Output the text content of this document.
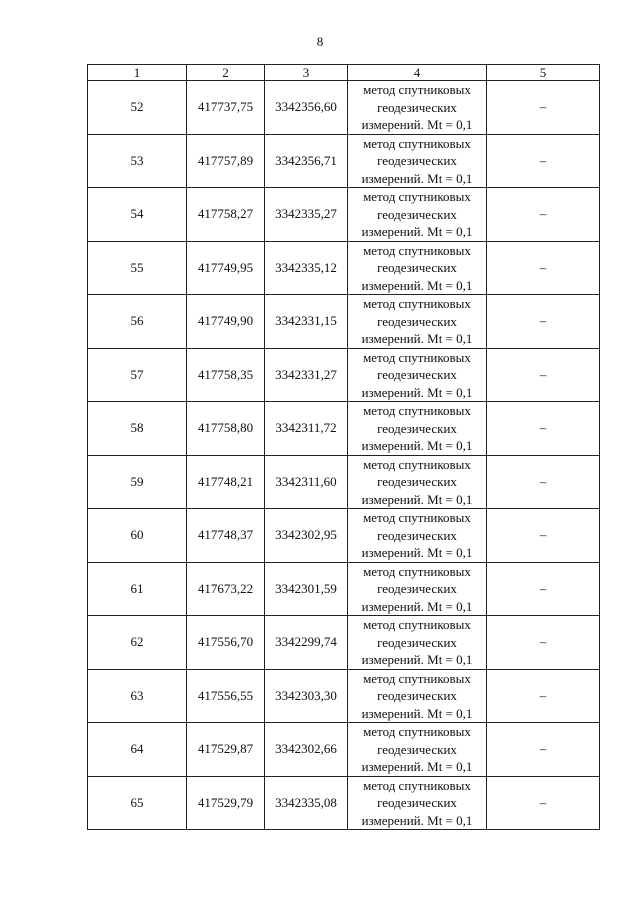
8
1	2	3	4	5
52	417737,75	3342356,60	метод спутниковых
геодезических
измерений. Mt = 0,1	–
53	417757,89	3342356,71	метод спутниковых
геодезических
измерений. Mt = 0,1	–
54	417758,27	3342335,27	метод спутниковых
геодезических
измерений. Mt = 0,1	–
55	417749,95	3342335,12	метод спутниковых
геодезических
измерений. Mt = 0,1	–
56	417749,90	3342331,15	метод спутниковых
геодезических
измерений. Mt = 0,1	–
57	417758,35	3342331,27	метод спутниковых
геодезических
измерений. Mt = 0,1	–
58	417758,80	3342311,72	метод спутниковых
геодезических
измерений. Mt = 0,1	–
59	417748,21	3342311,60	метод спутниковых
геодезических
измерений. Mt = 0,1	–
60	417748,37	3342302,95	метод спутниковых
геодезических
измерений. Mt = 0,1	–
61	417673,22	3342301,59	метод спутниковых
геодезических
измерений. Mt = 0,1	–
62	417556,70	3342299,74	метод спутниковых
геодезических
измерений. Mt = 0,1	–
63	417556,55	3342303,30	метод спутниковых
геодезических
измерений. Mt = 0,1	–
64	417529,87	3342302,66	метод спутниковых
геодезических
измерений. Mt = 0,1	–
65	417529,79	3342335,08	метод спутниковых
геодезических
измерений. Mt = 0,1	–
